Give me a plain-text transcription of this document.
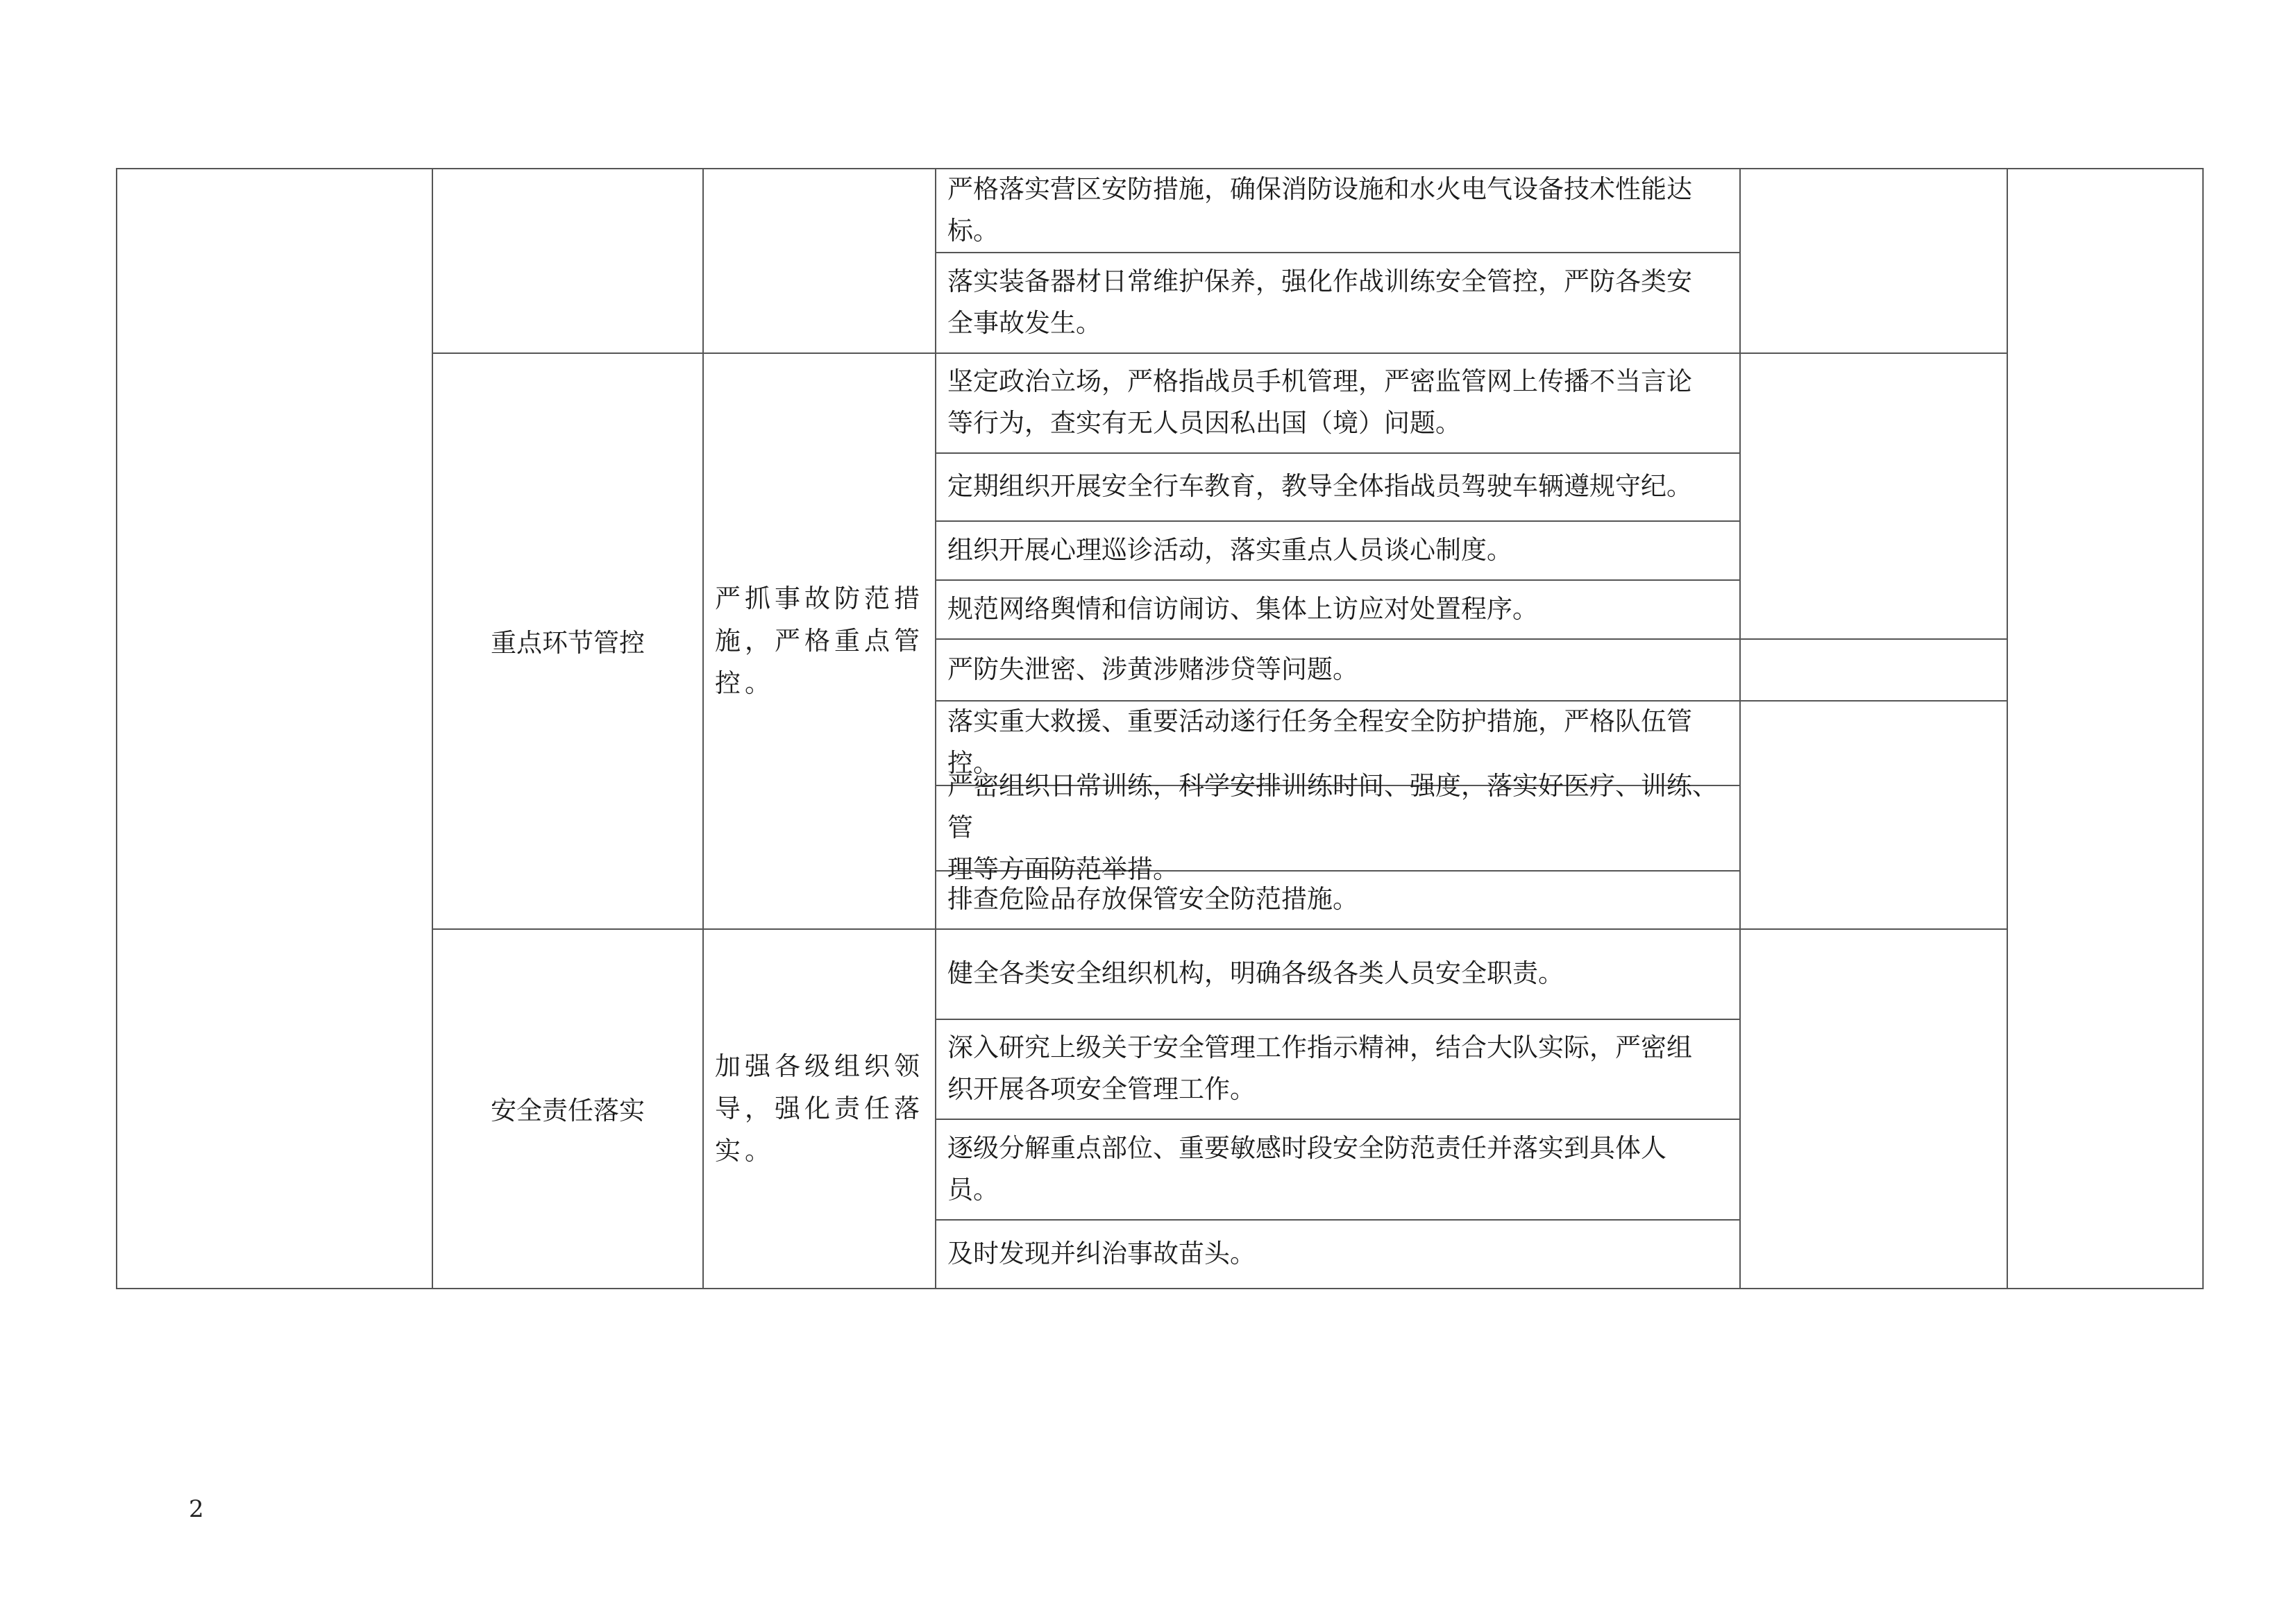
严格落实营区安防措施，确保消防设施和水火电气设备技术性能达
标。
落实装备器材日常维护保养，强化作战训练安全管控，严防各类安
全事故发生。
重点环节管控
严抓事故防范措
施，严格重点管
控。
坚定政治立场，严格指战员手机管理，严密监管网上传播不当言论
等行为，查实有无人员因私出国（境）问题。
定期组织开展安全行车教育，教导全体指战员驾驶车辆遵规守纪。
组织开展心理巡诊活动，落实重点人员谈心制度。
规范网络舆情和信访闹访、集体上访应对处置程序。
严防失泄密、涉黄涉赌涉贷等问题。
落实重大救援、重要活动遂行任务全程安全防护措施，严格队伍管
控。
严密组织日常训练，科学安排训练时间、强度，落实好医疗、训练、管
理等方面防范举措。
排查危险品存放保管安全防范措施。
安全责任落实
加强各级组织领
导，强化责任落
实。
健全各类安全组织机构，明确各级各类人员安全职责。
深入研究上级关于安全管理工作指示精神，结合大队实际，严密组
织开展各项安全管理工作。
逐级分解重点部位、重要敏感时段安全防范责任并落实到具体人
员。
及时发现并纠治事故苗头。
2
